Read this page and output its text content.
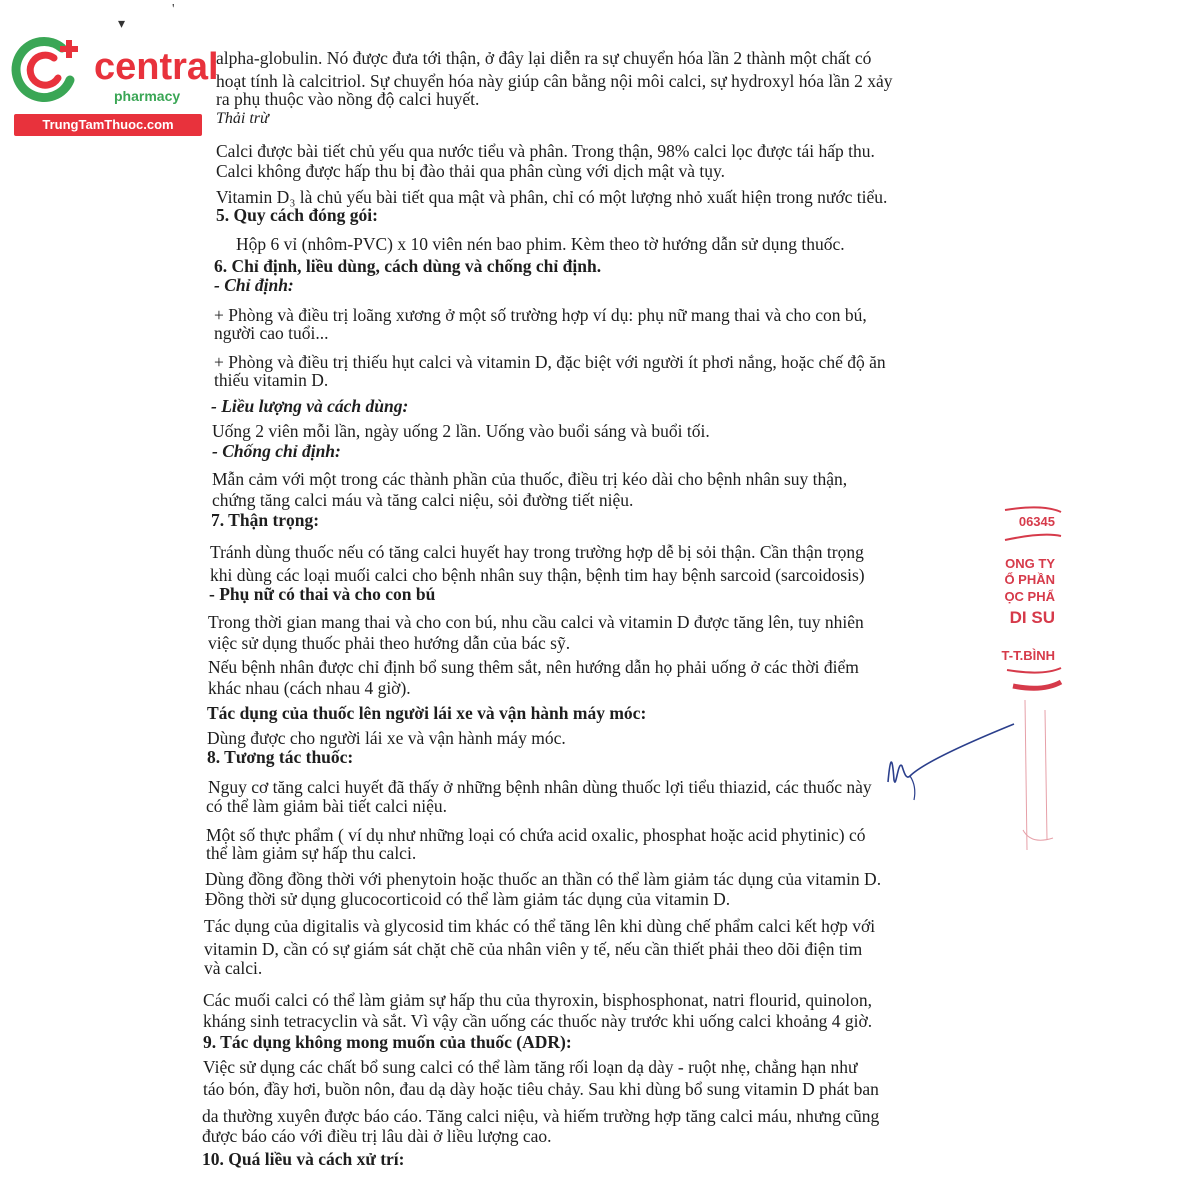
central
pharmacy
TrungTamThuoc.com
▾
'
alpha-globulin. Nó được đưa tới thận, ở đây lại diễn ra sự chuyển hóa lần 2 thành một chất có
hoạt tính là calcitriol. Sự chuyển hóa này giúp cân bằng nội môi calci, sự hydroxyl hóa lần 2 xảy
ra phụ thuộc vào nồng độ calci huyết.
Thải trừ
Calci được bài tiết chủ yếu qua nước tiểu và phân. Trong thận, 98% calci lọc được tái hấp thu.
Calci không được hấp thu bị đào thải qua phân cùng với dịch mật và tụy.
Vitamin D₃ là chủ yếu bài tiết qua mật và phân, chỉ có một lượng nhỏ xuất hiện trong nước tiểu.
5. Quy cách đóng gói:
Hộp 6 vỉ (nhôm-PVC) x 10 viên nén bao phim. Kèm theo tờ hướng dẫn sử dụng thuốc.
6. Chỉ định, liều dùng, cách dùng và chống chỉ định.
- Chỉ định:
+ Phòng và điều trị loãng xương ở một số trường hợp ví dụ: phụ nữ mang thai và cho con bú,
người cao tuổi...
+ Phòng và điều trị thiếu hụt calci và vitamin D, đặc biệt với người ít phơi nắng, hoặc chế độ ăn
thiếu vitamin D.
- Liều lượng và cách dùng:
Uống 2 viên mỗi lần, ngày uống 2 lần. Uống vào buổi sáng và buổi tối.
- Chống chỉ định:
Mẫn cảm với một trong các thành phần của thuốc, điều trị kéo dài cho bệnh nhân suy thận,
chứng tăng calci máu và tăng calci niệu, sỏi đường tiết niệu.
7. Thận trọng:
Tránh dùng thuốc nếu có tăng calci huyết hay trong trường hợp dễ bị sỏi thận. Cần thận trọng
khi dùng các loại muối calci cho bệnh nhân suy thận, bệnh tim hay bệnh sarcoid (sarcoidosis)
- Phụ nữ có thai và cho con bú
Trong thời gian mang thai và cho con bú, nhu cầu calci và vitamin D được tăng lên, tuy nhiên
việc sử dụng thuốc phải theo hướng dẫn của bác sỹ.
Nếu bệnh nhân được chỉ định bổ sung thêm sắt, nên hướng dẫn họ phải uống ở các thời điểm
khác nhau (cách nhau 4 giờ).
Tác dụng của thuốc lên người lái xe và vận hành máy móc:
Dùng được cho người lái xe và vận hành máy móc.
8. Tương tác thuốc:
Nguy cơ tăng calci huyết đã thấy ở những bệnh nhân dùng thuốc lợi tiểu thiazid, các thuốc này
có thể làm giảm bài tiết calci niệu.
Một số thực phẩm ( ví dụ như những loại có chứa acid oxalic, phosphat hoặc acid phytinic) có
thể làm giảm sự hấp thu calci.
Dùng đồng đồng thời với phenytoin hoặc thuốc an thần có thể làm giảm tác dụng của vitamin D.
Đồng thời sử dụng glucocorticoid có thể làm giảm tác dụng của vitamin D.
Tác dụng của digitalis và glycosid tim khác có thể tăng lên khi dùng chế phẩm calci kết hợp với
vitamin D, cần có sự giám sát chặt chẽ của nhân viên y tế, nếu cần thiết phải theo dõi điện tim
và calci.
Các muối calci có thể làm giảm sự hấp thu của thyroxin, bisphosphonat, natri flourid, quinolon,
kháng sinh tetracyclin và sắt. Vì vậy cần uống các thuốc này trước khi uống calci khoảng 4 giờ.
9. Tác dụng không mong muốn của thuốc (ADR):
Việc sử dụng các chất bổ sung calci có thể làm tăng rối loạn dạ dày - ruột nhẹ, chẳng hạn như
táo bón, đầy hơi, buồn nôn, đau dạ dày hoặc tiêu chảy. Sau khi dùng bổ sung vitamin D phát ban
da thường xuyên được báo cáo. Tăng calci niệu, và hiếm trường hợp tăng calci máu, nhưng cũng
được báo cáo với điều trị lâu dài ở liều lượng cao.
10. Quá liều và cách xử trí:
06345
ONG TY
Ổ PHẦN
ỌC PHẨ
DI SU
T-T.BÌNH
